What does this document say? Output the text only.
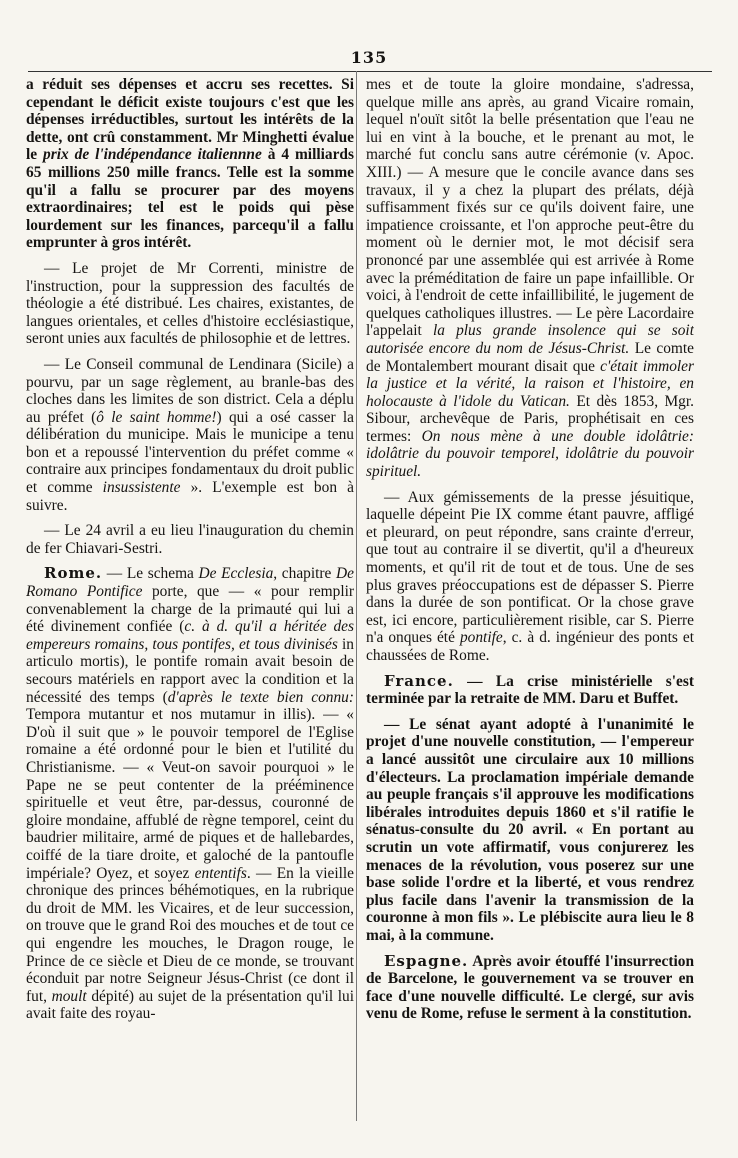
135

a réduit ses dépenses et accru ses recettes. Si cependant le déficit existe toujours c'est que les dépenses irréductibles, surtout les intérêts de la dette, ont crû constamment. Mr Minghetti évalue le prix de l'indépendance italiennne à 4 milliards 65 millions 250 mille francs. Telle est la somme qu'il a fallu se procurer par des moyens extraordinaires; tel est le poids qui pèse lourdement sur les finances, parcequ'il a fallu emprunter à gros intérêt.

— Le projet de Mr Correnti, ministre de l'instruction, pour la suppression des facultés de théologie a été distribué. Les chaires, existantes, de langues orientales, et celles d'histoire ecclésiastique, seront unies aux facultés de philosophie et de lettres.

— Le Conseil communal de Lendinara (Sicile) a pourvu, par un sage règlement, au branle-bas des cloches dans les limites de son district. Cela a déplu au préfet (ô le saint homme!) qui a osé casser la délibération du municipe. Mais le municipe a tenu bon et a repoussé l'intervention du préfet comme « contraire aux principes fondamentaux du droit public et comme insussistente ». L'exemple est bon à suivre.

— Le 24 avril a eu lieu l'inauguration du chemin de fer Chiavari-Sestri.

Rome. — Le schema De Ecclesia, chapitre De Romano Pontifice porte, que — « pour remplir convenablement la charge de la primauté qui lui a été divinement confiée (c. à d. qu'il a héritée des empereurs romains, tous pontifes, et tous divinisés in articulo mortis), le pontife romain avait besoin de secours matériels en rapport avec la condition et la nécessité des temps (d'après le texte bien connu: Tempora mutantur et nos mutamur in illis). — « D'où il suit que » le pouvoir temporel de l'Eglise romaine a été ordonné pour le bien et l'utilité du Christianisme. — « Veut-on savoir pourquoi » le Pape ne se peut contenter de la prééminence spirituelle et veut être, par-dessus, couronné de gloire mondaine, affublé de règne temporel, ceint du baudrier militaire, armé de piques et de hallebardes, coiffé de la tiare droite, et galoché de la pantoufle impériale? Oyez, et soyez ententifs. — En la vieille chronique des princes béhémotiques, en la rubrique du droit de MM. les Vicaires, et de leur succession, on trouve que le grand Roi des mouches et de tout ce qui engendre les mouches, le Dragon rouge, le Prince de ce siècle et Dieu de ce monde, se trouvant éconduit par notre Seigneur Jésus-Christ (ce dont il fut, moult dépité) au sujet de la présentation qu'il lui avait faite des royau-

mes et de toute la gloire mondaine, s'adressa, quelque mille ans après, au grand Vicaire romain, lequel n'ouït sitôt la belle présentation que l'eau ne lui en vint à la bouche, et le prenant au mot, le marché fut conclu sans autre cérémonie (v. Apoc. XIII.) — A mesure que le concile avance dans ses travaux, il y a chez la plupart des prélats, déjà suffisamment fixés sur ce qu'ils doivent faire, une impatience croissante, et l'on approche peut-être du moment où le dernier mot, le mot décisif sera prononcé par une assemblée qui est arrivée à Rome avec la préméditation de faire un pape infaillible. Or voici, à l'endroit de cette infaillibilité, le jugement de quelques catholiques illustres. — Le père Lacordaire l'appelait la plus grande insolence qui se soit autorisée encore du nom de Jésus-Christ. Le comte de Montalembert mourant disait que c'était immoler la justice et la vérité, la raison et l'histoire, en holocauste à l'idole du Vatican. Et dès 1853, Mgr. Sibour, archevêque de Paris, prophétisait en ces termes: On nous mène à une double idolâtrie: idolâtrie du pouvoir temporel, idolâtrie du pouvoir spirituel.

— Aux gémissements de la presse jésuitique, laquelle dépeint Pie IX comme étant pauvre, affligé et pleurard, on peut répondre, sans crainte d'erreur, que tout au contraire il se divertit, qu'il a d'heureux moments, et qu'il rit de tout et de tous. Une de ses plus graves préoccupations est de dépasser S. Pierre dans la durée de son pontificat. Or la chose grave est, ici encore, particulièrement risible, car S. Pierre n'a onques été pontife, c. à d. ingénieur des ponts et chaussées de Rome.

France. — La crise ministérielle s'est terminée par la retraite de MM. Daru et Buffet.

— Le sénat ayant adopté à l'unanimité le projet d'une nouvelle constitution, — l'empereur a lancé aussitôt une circulaire aux 10 millions d'électeurs. La proclamation impériale demande au peuple français s'il approuve les modifications libérales introduites depuis 1860 et s'il ratifie le sénatus-consulte du 20 avril. « En portant au scrutin un vote affirmatif, vous conjurerez les menaces de la révolution, vous poserez sur une base solide l'ordre et la liberté, et vous rendrez plus facile dans l'avenir la transmission de la couronne à mon fils ». Le plébiscite aura lieu le 8 mai, à la commune.

Espagne. Après avoir étouffé l'insurrection de Barcelone, le gouvernement va se trouver en face d'une nouvelle difficulté. Le clergé, sur avis venu de Rome, refuse le serment à la constitution.
